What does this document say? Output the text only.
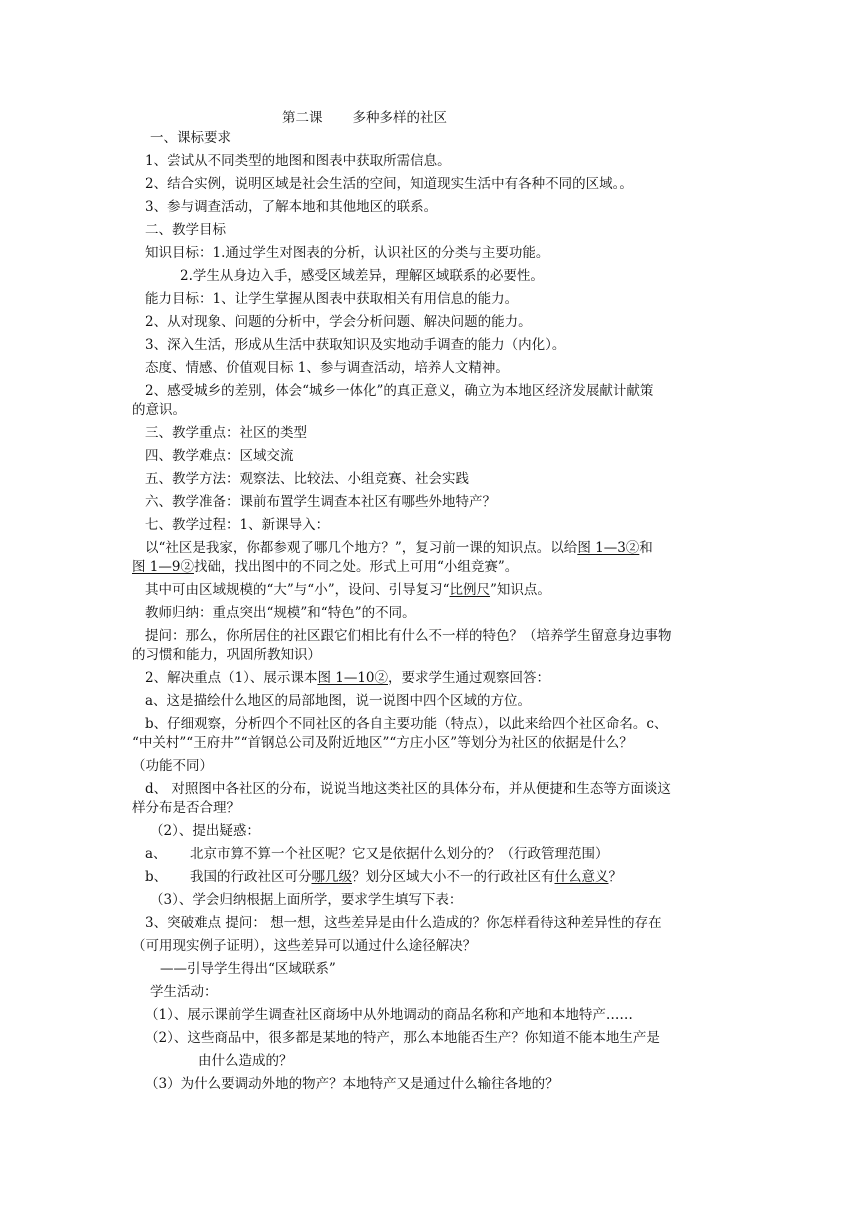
第二课 多种多样的社区
一、课标要求
1、尝试从不同类型的地图和图表中获取所需信息。
2、结合实例，说明区域是社会生活的空间，知道现实生活中有各种不同的区域。。
3、参与调查活动，了解本地和其他地区的联系。
二、教学目标
知识目标：1.通过学生对图表的分析，认识社区的分类与主要功能。
2.学生从身边入手，感受区域差异，理解区域联系的必要性。
能力目标：1、让学生掌握从图表中获取相关有用信息的能力。
2、从对现象、问题的分析中，学会分析问题、解决问题的能力。
3、深入生活，形成从生活中获取知识及实地动手调查的能力（内化）。
态度、情感、价值观目标 1、参与调查活动，培养人文精神。
2、感受城乡的差别，体会“城乡一体化”的真正意义，确立为本地区经济发展献计献策
的意识。
三、教学重点：社区的类型
四、教学难点：区域交流
五、教学方法：观察法、比较法、小组竞赛、社会实践
六、教学准备：课前布置学生调查本社区有哪些外地特产？
七、教学过程：1、新课导入：
以“社区是我家，你都参观了哪几个地方？”，复习前一课的知识点。以给图 1—3②和
图 1—9②找础，找出图中的不同之处。形式上可用“小组竞赛”。
其中可由区域规模的“大”与“小”，设问、引导复习“比例尺”知识点。
教师归纳：重点突出“规模”和“特色”的不同。
提问：那么，你所居住的社区跟它们相比有什么不一样的特色？（培养学生留意身边事物
的习惯和能力，巩固所教知识）
2、解决重点（1）、展示课本图 1—10②，要求学生通过观察回答：
a、这是描绘什么地区的局部地图，说一说图中四个区域的方位。
b、仔细观察，分析四个不同社区的各自主要功能（特点），以此来给四个社区命名。c、
“中关村”“王府井”“首钢总公司及附近地区”“方庄小区”等划分为社区的依据是什么？
（功能不同）
d、 对照图中各社区的分布，说说当地这类社区的具体分布，并从便捷和生态等方面谈这
样分布是否合理？
（2）、提出疑惑：
a、 北京市算不算一个社区呢？它又是依据什么划分的？（行政管理范围）
b、 我国的行政社区可分哪几级？划分区域大小不一的行政社区有什么意义？
（3）、学会归纳根据上面所学，要求学生填写下表：
3、突破难点 提问： 想一想，这些差异是由什么造成的？你怎样看待这种差异性的存在
（可用现实例子证明），这些差异可以通过什么途径解决？
——引导学生得出“区域联系”
学生活动：
（1）、展示课前学生调查社区商场中从外地调动的商品名称和产地和本地特产……
（2）、这些商品中，很多都是某地的特产，那么本地能否生产？你知道不能本地生产是
由什么造成的？
（3）为什么要调动外地的物产？本地特产又是通过什么输往各地的？
